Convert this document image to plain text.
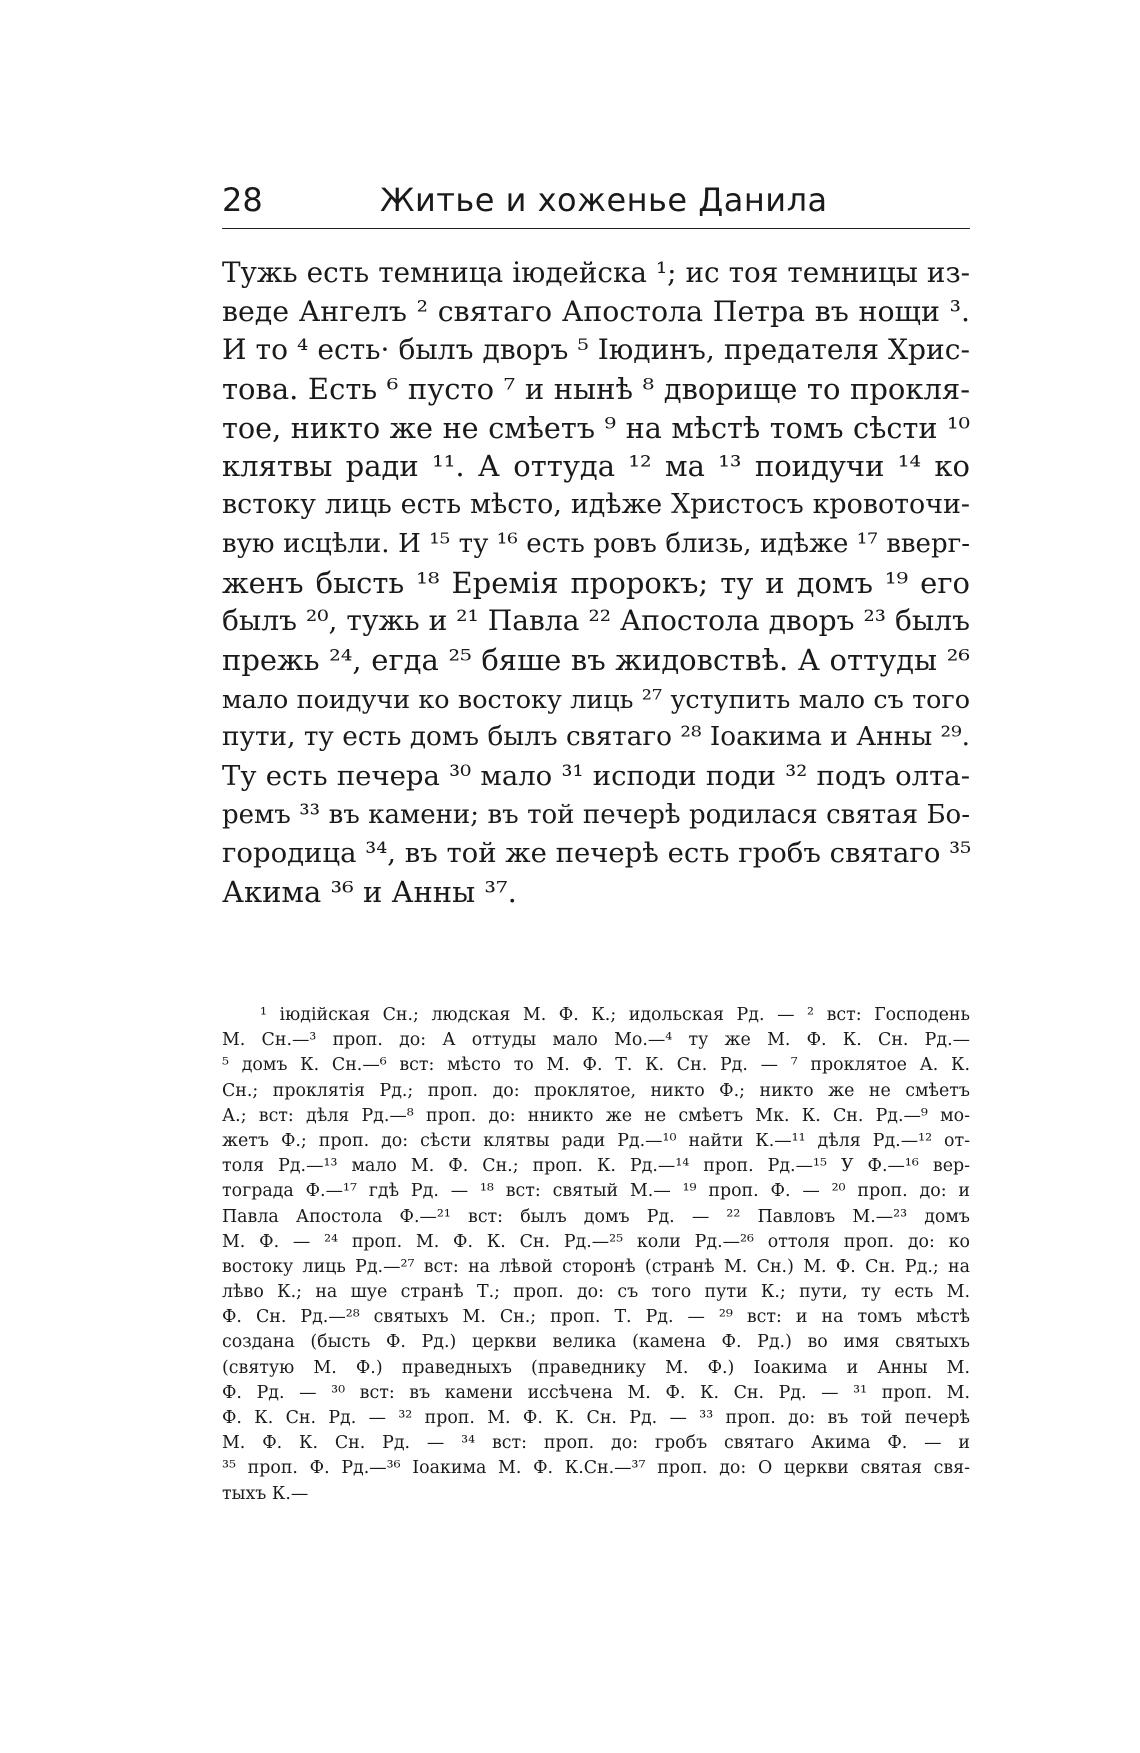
28	Житье и хоженье Данила
Тужь есть темница іюдейска ¹; ис тоя темницы из-
веде Ангелъ ² святаго Апостола Петра въ нощи ³.
И то ⁴ есть· былъ дворъ ⁵ Іюдинъ, предателя Хрис-
това. Есть ⁶ пусто ⁷ и нынѣ ⁸ дворище то прокля-
тое, никто же не смѣетъ ⁹ на мѣстѣ томъ сѣсти ¹⁰
клятвы ради ¹¹. А оттуда ¹² ма ¹³ поидучи ¹⁴ ко
встоку лиць есть мѣсто, идѣже Христосъ кровоточи-
вую исцѣли. И ¹⁵ ту ¹⁶ есть ровъ близь, идѣже ¹⁷ вверг-
женъ бысть ¹⁸ Еремія пророкъ; ту и домъ ¹⁹ его
былъ ²⁰, тужь и ²¹ Павла ²² Апостола дворъ ²³ былъ
прежь ²⁴, егда ²⁵ бяше въ жидовствѣ. А оттуды ²⁶
мало поидучи ко востоку лиць ²⁷ уступить мало съ того
пути, ту есть домъ былъ святаго ²⁸ Іоакима и Анны ²⁹.
Ту есть печера ³⁰ мало ³¹ исподи поди ³² подъ олта-
ремъ ³³ въ камени; въ той печерѣ родилася святая Бо-
городица ³⁴, въ той же печерѣ есть гробъ святаго ³⁵
Акима ³⁶ и Анны ³⁷.
¹ іюдійская Сн.; людская М. Ф. К.; идольская Рд. — ² вст: Господень
М. Сн.—³ проп. до: А оттуды мало Мо.—⁴ ту же М. Ф. К. Сн. Рд.—
⁵ домъ К. Сн.—⁶ вст: мѣсто то М. Ф. Т. К. Сн. Рд. — ⁷ проклятое А. К.
Сн.; проклятія Рд.; проп. до: проклятое, никто Ф.; никто же не смѣетъ
А.; вст: дѣля Рд.—⁸ проп. до: нникто же не смѣетъ Мк. К. Сн. Рд.—⁹ мо-
жетъ Ф.; проп. до: сѣсти клятвы ради Рд.—¹⁰ найти К.—¹¹ дѣля Рд.—¹² от-
толя Рд.—¹³ мало М. Ф. Сн.; проп. К. Рд.—¹⁴ проп. Рд.—¹⁵ У Ф.—¹⁶ вер-
тограда Ф.—¹⁷ гдѣ Рд. — ¹⁸ вст: святый М.— ¹⁹ проп. Ф. — ²⁰ проп. до: и
Павла Апостола Ф.—²¹ вст: былъ домъ Рд. — ²² Павловъ М.—²³ домъ
М. Ф. — ²⁴ проп. М. Ф. К. Сн. Рд.—²⁵ коли Рд.—²⁶ оттоля проп. до: ко
востоку лиць Рд.—²⁷ вст: на лѣвой сторонѣ (странѣ М. Сн.) М. Ф. Сн. Рд.; на
лѣво К.; на шуе странѣ Т.; проп. до: съ того пути К.; пути, ту есть М.
Ф. Сн. Рд.—²⁸ святыхъ М. Сн.; проп. Т. Рд. — ²⁹ вст: и на томъ мѣстѣ
создана (бысть Ф. Рд.) церкви велика (камена Ф. Рд.) во имя святыхъ
(святую М. Ф.) праведныхъ (праведнику М. Ф.) Іоакима и Анны М.
Ф. Рд. — ³⁰ вст: въ камени иссѣчена М. Ф. К. Сн. Рд. — ³¹ проп. М.
Ф. К. Сн. Рд. — ³² проп. М. Ф. К. Сн. Рд. — ³³ проп. до: въ той печерѣ
М. Ф. К. Сн. Рд. — ³⁴ вст: проп. до: гробъ святаго Акима Ф. — и
³⁵ проп. Ф. Рд.—³⁶ Іоакима М. Ф. К.Сн.—³⁷ проп. до: О церкви святая свя-
тыхъ К.—
